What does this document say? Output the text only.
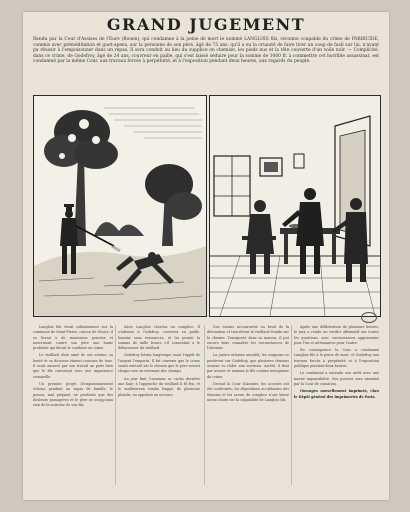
GRAND JUGEMENT
Rendu par la Cour d'Assises de l'Eure (Rouen), qui condamne à la peine de mort le nommé LANGLOIS fils, reconnu coupable du crime de PARRICIDE, commis avec préméditation et guet-apens, sur la personne de son père, âgé de 75 ans, qu'il a eu la cruauté de faire tirer un coup de fusil sur lui, n'ayant pu réussir à l'empoisonner dans un repas. Il sera conduit au lieu du supplice en chemise, les pieds nus et la tête couverte d'un voile noir. — Complicité, dans ce crime, de Godefroy, âgé de 24 ans, couvreur en paille, qui s'est laissé séduire pour la somme de 1000 fr. à commettre cet horrible assassinat, est condamné par la même Cour, aux travaux forcés à perpétuité, et à l'exposition pendant deux heures, aux regards du peuple.

Langlois fils vivait solitairement sur la commune de Saint-Pierre, canton de Gisors; il se livrait à de mauvaises pensées et nourrissait contre son père une haine profonde qui devait le conduire au crime.

Le vieillard était aimé de ses voisins; sa bonté et sa douceur étaient connues de tous. Il avait amassé par son travail un petit bien que le fils convoitait avec une impatience criminelle.

Un premier projet d'empoisonnement échoua pendant un repas de famille; le poison, mal préparé, ne produisit que des douleurs passagères et le père ne soupçonna rien de la noirceur de son fils.

Alors Langlois chercha un complice. Il s'adressa à Godefroy, couvreur en paille, homme sans ressources, et lui promit la somme de mille francs s'il consentait à le débarrasser du vieillard.

Godefroy hésita longtemps; mais l'appât de l'argent l'emporta. Il fut convenu que le crime serait exécuté sur le chemin que le père suivait chaque soir en revenant des champs.

Au jour fixé, l'assassin se cacha derrière une haie; à l'approche du vieillard il fit feu, et le malheureux tomba frappé de plusieurs plombs, en appelant au secours.

Des voisins accoururent au bruit de la détonation et trouvèrent le vieillard étendu sur le chemin. Transporté dans sa maison, il put encore faire connaître les circonstances de l'attentat.

La justice informa aussitôt; les soupçons se portèrent sur Godefroy, que plusieurs témoins avaient vu rôder aux environs. Arrêté, il finit par avouer et nomma le fils comme instigateur du crime.

Devant la Cour d'Assises, les accusés ont été confrontés; les dépositions accablantes des témoins et les aveux du complice n'ont laissé aucun doute sur la culpabilité de Langlois fils.

Après une délibération de plusieurs heures, le jury a rendu un verdict affirmatif sur toutes les questions, avec circonstances aggravantes pour l'un et atténuantes pour l'autre.

En conséquence la Cour a condamné Langlois fils à la peine de mort, et Godefroy aux travaux forcés à perpétuité et à l'exposition publique pendant deux heures.

Le condamné a entendu son arrêt avec une morne impassibilité. Son pourvoi sera examiné par la Cour de cassation.

Ouvrages nouvellement imprimés, chez le Dépôt général des Imprimeries de Paris.
